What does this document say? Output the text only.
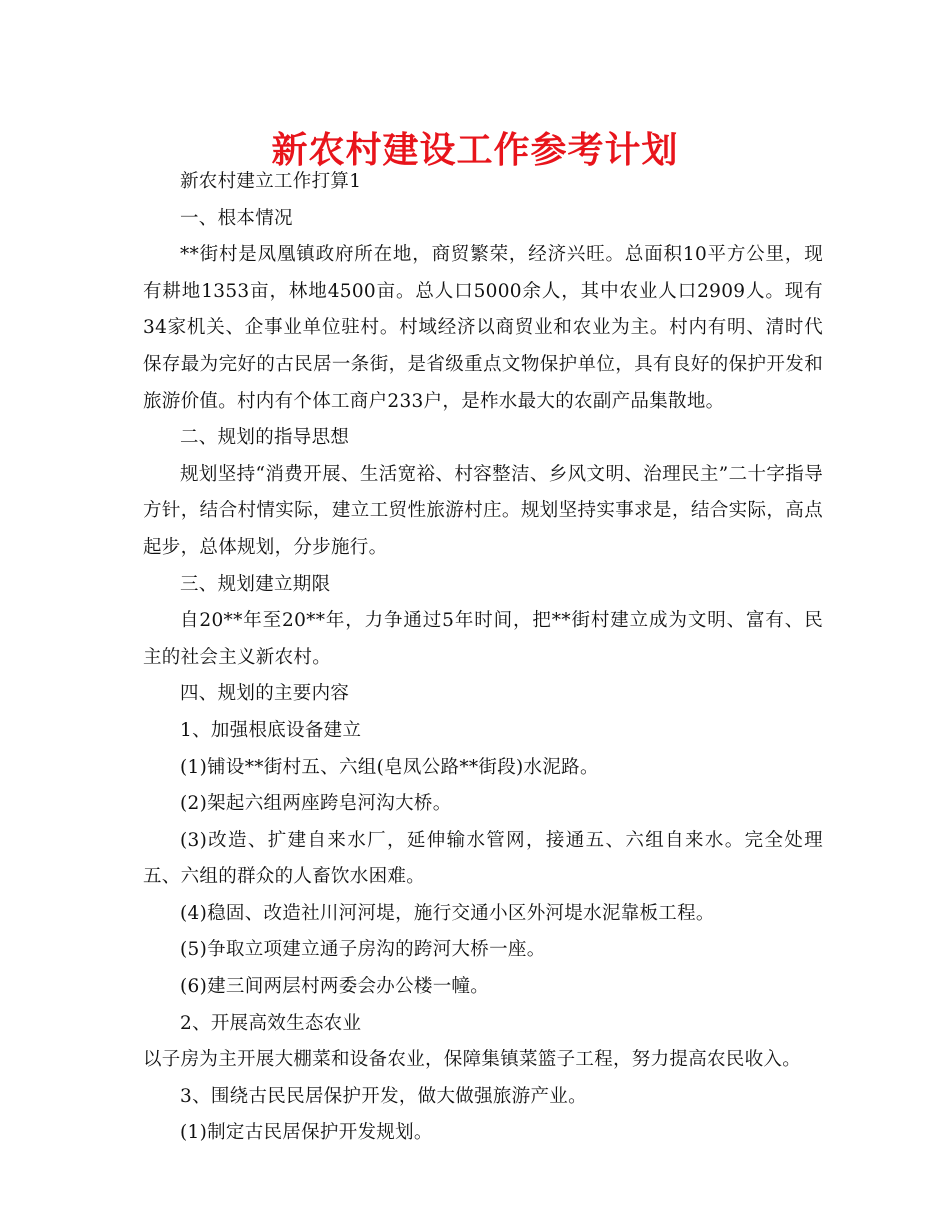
新农村建设工作参考计划

新农村建立工作打算1

一、根本情况

**街村是凤凰镇政府所在地，商贸繁荣，经济兴旺。总面积10平方公里，现有耕地1353亩，林地4500亩。总人口5000余人，其中农业人口2909人。现有34家机关、企事业单位驻村。村域经济以商贸业和农业为主。村内有明、清时代保存最为完好的古民居一条街，是省级重点文物保护单位，具有良好的保护开发和旅游价值。村内有个体工商户233户，是柞水最大的农副产品集散地。

二、规划的指导思想

规划坚持“消费开展、生活宽裕、村容整洁、乡风文明、治理民主”二十字指导方针，结合村情实际，建立工贸性旅游村庄。规划坚持实事求是，结合实际，高点起步，总体规划，分步施行。

三、规划建立期限

自20**年至20**年，力争通过5年时间，把**街村建立成为文明、富有、民主的社会主义新农村。

四、规划的主要内容

1、加强根底设备建立

(1)铺设**街村五、六组(皂凤公路**街段)水泥路。

(2)架起六组两座跨皂河沟大桥。

(3)改造、扩建自来水厂，延伸输水管网，接通五、六组自来水。完全处理五、六组的群众的人畜饮水困难。

(4)稳固、改造社川河河堤，施行交通小区外河堤水泥靠板工程。

(5)争取立项建立通子房沟的跨河大桥一座。

(6)建三间两层村两委会办公楼一幢。

2、开展高效生态农业

以子房为主开展大棚菜和设备农业，保障集镇菜篮子工程，努力提高农民收入。

3、围绕古民民居保护开发，做大做强旅游产业。

(1)制定古民居保护开发规划。
